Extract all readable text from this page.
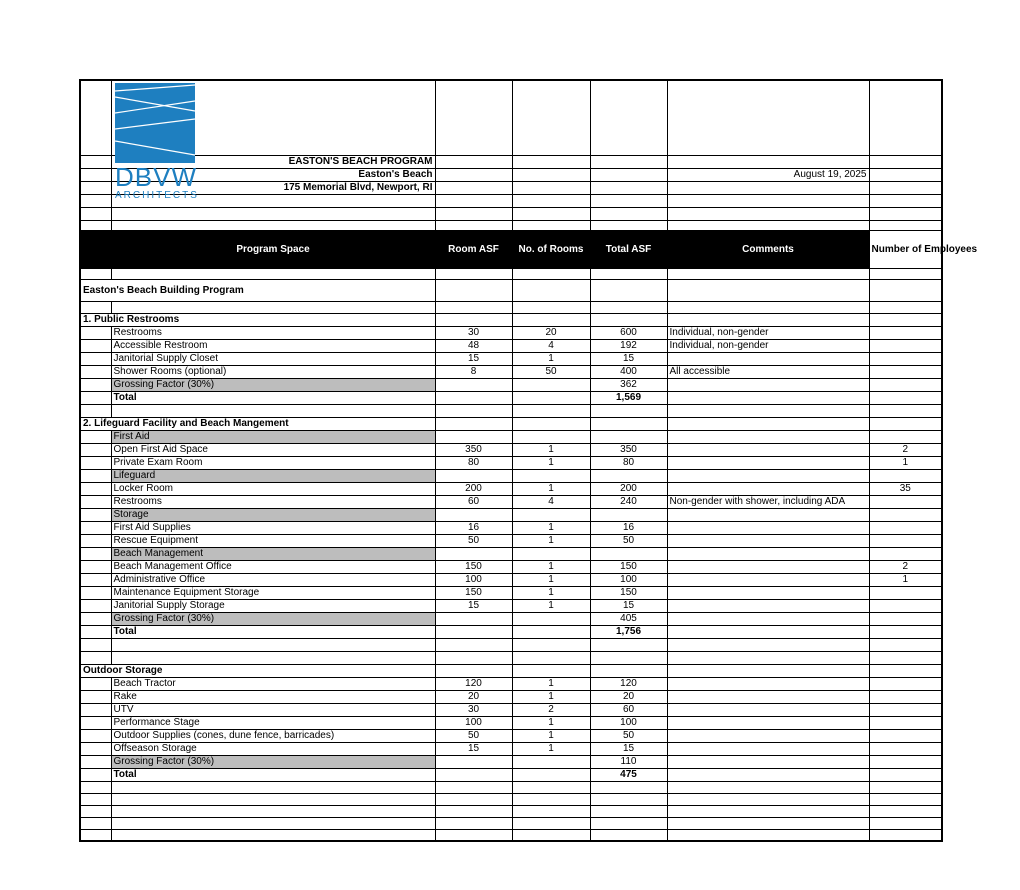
	EASTON'S BEACH PROGRAM					
	Easton's Beach				August 19, 2025	
	175 Memorial Blvd, Newport, RI					

	Program Space	Room ASF	No. of Rooms	Total ASF	Comments	Number of Employees

Easton's Beach Building Program						

1. Public Restrooms						
	Restrooms	30	20	600	Individual, non-gender	
	Accessible Restroom	48	4	192	Individual, non-gender	
	Janitorial Supply Closet	15	1	15		
	Shower Rooms (optional)	8	50	400	All accessible	
	Grossing Factor (30%)			362		
	Total			1,569		

2. Lifeguard Facility and Beach Mangement						
	First Aid					
	Open First Aid Space	350	1	350		2
	Private Exam Room	80	1	80		1
	Lifeguard					
	Locker Room	200	1	200		35
	Restrooms	60	4	240	Non-gender with shower, including ADA	
	Storage					
	First Aid Supplies	16	1	16		
	Rescue Equipment	50	1	50		
	Beach Management					
	Beach Management Office	150	1	150		2
	Administrative Office	100	1	100		1
	Maintenance Equipment Storage	150	1	150		
	Janitorial Supply Storage	15	1	15		
	Grossing Factor (30%)			405		
	Total			1,756		

Outdoor Storage						
	Beach Tractor	120	1	120		
	Rake	20	1	20		
	UTV	30	2	60		
	Performance Stage	100	1	100		
	Outdoor Supplies (cones, dune fence, barricades)	50	1	50		
	Offseason Storage	15	1	15		
	Grossing Factor (30%)			110		
	Total			475		

DBVW
ARCHITECTS
